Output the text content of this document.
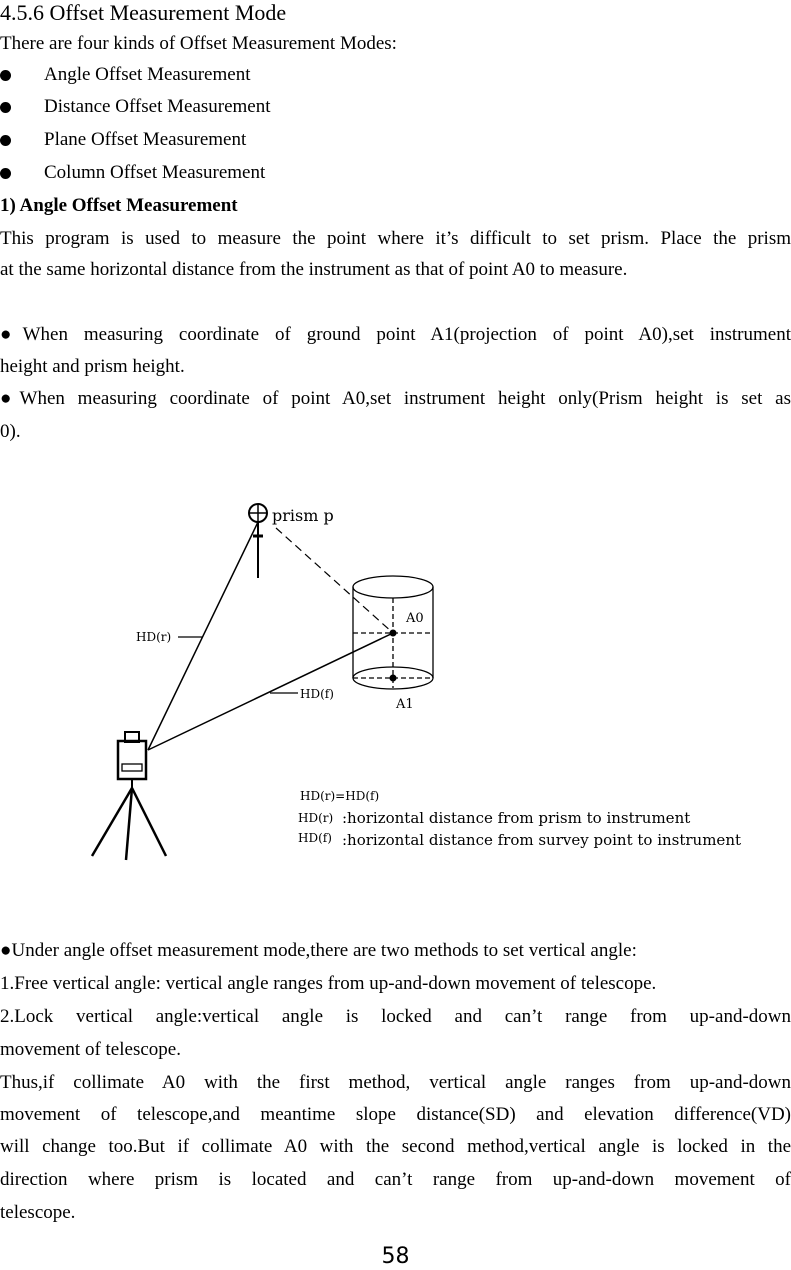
4.5.6 Offset Measurement Mode
There are four kinds of Offset Measurement Modes:
Angle Offset Measurement
Distance Offset Measurement
Plane Offset Measurement
Column Offset Measurement
1) Angle Offset Measurement
This program is used to measure the point where it’s difficult to set prism. Place the prism
at the same horizontal distance from the instrument as that of point A0 to measure.
●When measuring coordinate of ground point A1(projection of point A0),set instrument
height and prism height.
●When measuring coordinate of point A0,set instrument height only(Prism height is set as
0).
prism p
A0
A1
HD(r)
HD(f)
HD(r)=HD(f)
HD(r) :horizontal distance from prism to instrument
HD(f) :horizontal distance from survey point to instrument
●Under angle offset measurement mode,there are two methods to set vertical angle:
1.Free vertical angle: vertical angle ranges from up-and-down movement of telescope.
2.Lock vertical angle:vertical angle is locked and can’t range from up-and-down
movement of telescope.
Thus,if collimate A0 with the first method, vertical angle ranges from up-and-down
movement of telescope,and meantime slope distance(SD) and elevation difference(VD)
will change too.But if collimate A0 with the second method,vertical angle is locked in the
direction where prism is located and can’t range from up-and-down movement of
telescope.
58
